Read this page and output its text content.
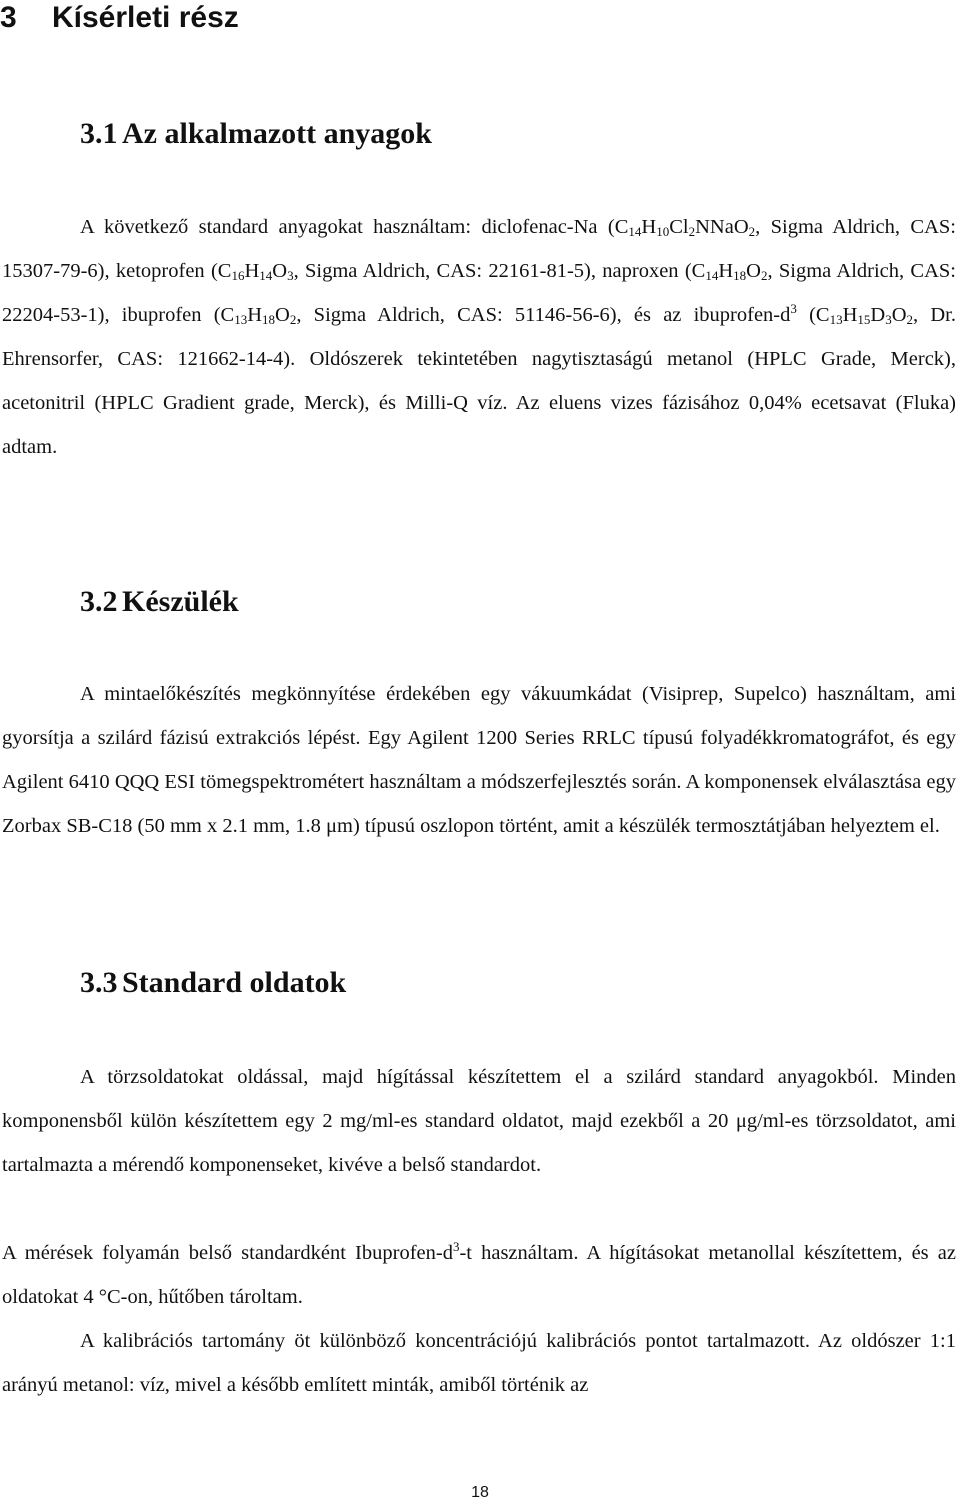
3 Kísérleti rész
3.1 Az alkalmazott anyagok

A következő standard anyagokat használtam: diclofenac-Na ($C_{14}H_{10}Cl_2NNaO_2$, Sigma Aldrich, CAS: 15307-79-6), ketoprofen ($C_{16}H_{14}O_3$, Sigma Aldrich, CAS: 22161-81-5), naproxen ($C_{14}H_{18}O_2$, Sigma Aldrich, CAS: 22204-53-1), ibuprofen ($C_{13}H_{18}O_2$, Sigma Aldrich, CAS: 51146-56-6), és az ibuprofen-$d^3$ ($C_{13}H_{15}D_3O_2$, Dr. Ehrensorfer, CAS: 121662-14-4). Oldószerek tekintetében nagytisztaságú metanol (HPLC Grade, Merck), acetonitril (HPLC Gradient grade, Merck), és Milli-Q víz. Az eluens vizes fázisához 0,04% ecetsavat (Fluka) adtam.

3.2 Készülék

A mintaelőkészítés megkönnyítése érdekében egy vákuumkádat (Visiprep, Supelco) használtam, ami gyorsítja a szilárd fázisú extrakciós lépést. Egy Agilent 1200 Series RRLC típusú folyadékkromatográfot, és egy Agilent 6410 QQQ ESI tömegspektrométert használtam a módszerfejlesztés során. A komponensek elválasztása egy Zorbax SB-C18 (50 mm x 2.1 mm, 1.8 μm) típusú oszlopon történt, amit a készülék termosztátjában helyeztem el.

3.3 Standard oldatok

A törzsoldatokat oldással, majd hígítással készítettem el a szilárd standard anyagokból. Minden komponensből külön készítettem egy 2 mg/ml-es standard oldatot, majd ezekből a 20 μg/ml-es törzsoldatot, ami tartalmazta a mérendő komponenseket, kivéve a belső standardot.

A mérések folyamán belső standardként Ibuprofen-$d^3-t$ használtam. A hígításokat metanollal készítettem, és az oldatokat 4 °C-on, hűtőben tároltam.

A kalibrációs tartomány öt különböző koncentrációjú kalibrációs pontot tartalmazott. Az oldószer 1:1 arányú metanol: víz, mivel a később említett minták, amiből történik az

18
